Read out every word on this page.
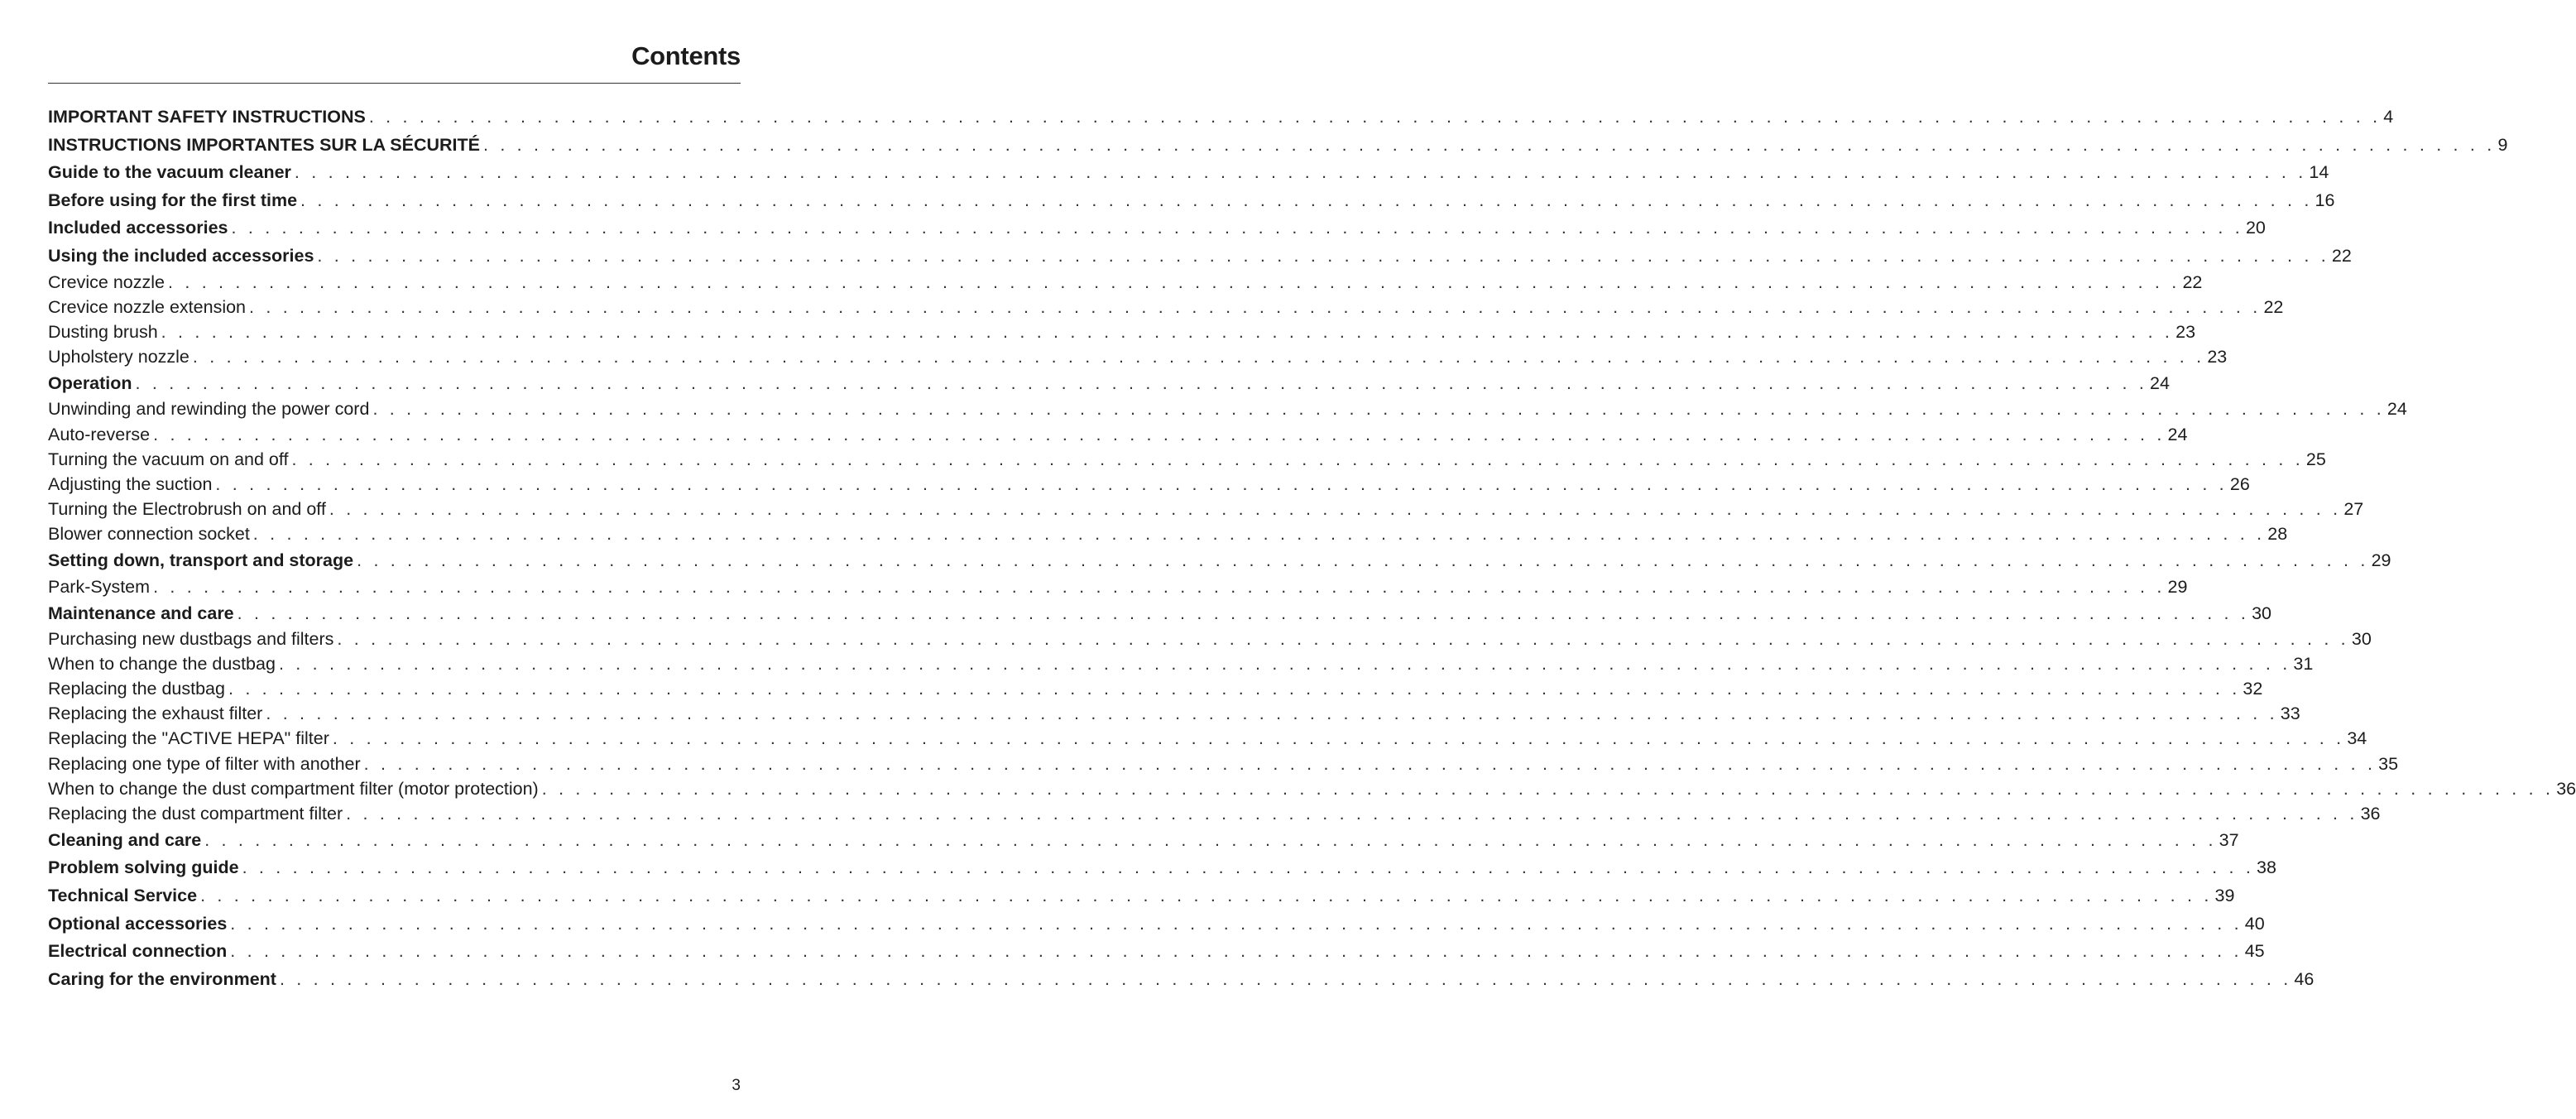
Contents
IMPORTANT SAFETY INSTRUCTIONS . . . . . . . . . . . . . . . . . . . . . . . . . . . . . . . . . . . . . . . . . . . . . . . . . . . . . . . . . . . . . . . . . . . . . . . . . . . . . . . . . . . . . . . . . . . . . . . . . . . . . . . . . . . . . . . . . . . . . . . . 4
INSTRUCTIONS IMPORTANTES SUR LA SÉCURITÉ . . . . . . . . . . . . . . . . . . . . . . . . . . . . . . . . . . . . . . . . . . . . . . . . . . . . . . . . . . . . . . . . . . . . . . . . . . . . . . . . . . . . . . . . . . . . . . . . . . . . . . . . . . . . . . . . . . . . . . . . 9
Guide to the vacuum cleaner . . . . . . . . . . . . . . . . . . . . . . . . . . . . . . . . . . . . . . . . . . . . . . . . . . . . . . . . . . . . . . . . . . . . . . . . . . . . . . . . . . . . . . . . . . . . . . . . . . . . . . . . . . . . . . . . . . . . . . . . 14
Before using for the first time . . . . . . . . . . . . . . . . . . . . . . . . . . . . . . . . . . . . . . . . . . . . . . . . . . . . . . . . . . . . . . . . . . . . . . . . . . . . . . . . . . . . . . . . . . . . . . . . . . . . . . . . . . . . . . . . . . . . . . . . 16
Included accessories . . . . . . . . . . . . . . . . . . . . . . . . . . . . . . . . . . . . . . . . . . . . . . . . . . . . . . . . . . . . . . . . . . . . . . . . . . . . . . . . . . . . . . . . . . . . . . . . . . . . . . . . . . . . . . . . . . . . . . . . 20
Using the included accessories . . . . . . . . . . . . . . . . . . . . . . . . . . . . . . . . . . . . . . . . . . . . . . . . . . . . . . . . . . . . . . . . . . . . . . . . . . . . . . . . . . . . . . . . . . . . . . . . . . . . . . . . . . . . . . . . . . . . . . . . 22
Crevice nozzle . . . . . . . . . . . . . . . . . . . . . . . . . . . . . . . . . . . . . . . . . . . . . . . . . . . . . . . . . . . . . . . . . . . . . . . . . . . . . . . . . . . . . . . . . . . . . . . . . . . . . . . . . . . . . . . . . . . . . . . . 22
Crevice nozzle extension . . . . . . . . . . . . . . . . . . . . . . . . . . . . . . . . . . . . . . . . . . . . . . . . . . . . . . . . . . . . . . . . . . . . . . . . . . . . . . . . . . . . . . . . . . . . . . . . . . . . . . . . . . . . . . . . . . . . . . . . 22
Dusting brush . . . . . . . . . . . . . . . . . . . . . . . . . . . . . . . . . . . . . . . . . . . . . . . . . . . . . . . . . . . . . . . . . . . . . . . . . . . . . . . . . . . . . . . . . . . . . . . . . . . . . . . . . . . . . . . . . . . . . . . . 23
Upholstery nozzle . . . . . . . . . . . . . . . . . . . . . . . . . . . . . . . . . . . . . . . . . . . . . . . . . . . . . . . . . . . . . . . . . . . . . . . . . . . . . . . . . . . . . . . . . . . . . . . . . . . . . . . . . . . . . . . . . . . . . . . . 23
Operation . . . . . . . . . . . . . . . . . . . . . . . . . . . . . . . . . . . . . . . . . . . . . . . . . . . . . . . . . . . . . . . . . . . . . . . . . . . . . . . . . . . . . . . . . . . . . . . . . . . . . . . . . . . . . . . . . . . . . . . . 24
Unwinding and rewinding the power cord . . . . . . . . . . . . . . . . . . . . . . . . . . . . . . . . . . . . . . . . . . . . . . . . . . . . . . . . . . . . . . . . . . . . . . . . . . . . . . . . . . . . . . . . . . . . . . . . . . . . . . . . . . . . . . . . . . . . . . . . 24
Auto-reverse . . . . . . . . . . . . . . . . . . . . . . . . . . . . . . . . . . . . . . . . . . . . . . . . . . . . . . . . . . . . . . . . . . . . . . . . . . . . . . . . . . . . . . . . . . . . . . . . . . . . . . . . . . . . . . . . . . . . . . . . 24
Turning the vacuum on and off . . . . . . . . . . . . . . . . . . . . . . . . . . . . . . . . . . . . . . . . . . . . . . . . . . . . . . . . . . . . . . . . . . . . . . . . . . . . . . . . . . . . . . . . . . . . . . . . . . . . . . . . . . . . . . . . . . . . . . . . 25
Adjusting the suction . . . . . . . . . . . . . . . . . . . . . . . . . . . . . . . . . . . . . . . . . . . . . . . . . . . . . . . . . . . . . . . . . . . . . . . . . . . . . . . . . . . . . . . . . . . . . . . . . . . . . . . . . . . . . . . . . . . . . . . . 26
Turning the Electrobrush on and off . . . . . . . . . . . . . . . . . . . . . . . . . . . . . . . . . . . . . . . . . . . . . . . . . . . . . . . . . . . . . . . . . . . . . . . . . . . . . . . . . . . . . . . . . . . . . . . . . . . . . . . . . . . . . . . . . . . . . . . . 27
Blower connection socket . . . . . . . . . . . . . . . . . . . . . . . . . . . . . . . . . . . . . . . . . . . . . . . . . . . . . . . . . . . . . . . . . . . . . . . . . . . . . . . . . . . . . . . . . . . . . . . . . . . . . . . . . . . . . . . . . . . . . . . . 28
Setting down, transport and storage . . . . . . . . . . . . . . . . . . . . . . . . . . . . . . . . . . . . . . . . . . . . . . . . . . . . . . . . . . . . . . . . . . . . . . . . . . . . . . . . . . . . . . . . . . . . . . . . . . . . . . . . . . . . . . . . . . . . . . . . 29
Park-System . . . . . . . . . . . . . . . . . . . . . . . . . . . . . . . . . . . . . . . . . . . . . . . . . . . . . . . . . . . . . . . . . . . . . . . . . . . . . . . . . . . . . . . . . . . . . . . . . . . . . . . . . . . . . . . . . . . . . . . . 29
Maintenance and care . . . . . . . . . . . . . . . . . . . . . . . . . . . . . . . . . . . . . . . . . . . . . . . . . . . . . . . . . . . . . . . . . . . . . . . . . . . . . . . . . . . . . . . . . . . . . . . . . . . . . . . . . . . . . . . . . . . . . . . . 30
Purchasing new dustbags and filters . . . . . . . . . . . . . . . . . . . . . . . . . . . . . . . . . . . . . . . . . . . . . . . . . . . . . . . . . . . . . . . . . . . . . . . . . . . . . . . . . . . . . . . . . . . . . . . . . . . . . . . . . . . . . . . . . . . . . . . . 30
When to change the dustbag . . . . . . . . . . . . . . . . . . . . . . . . . . . . . . . . . . . . . . . . . . . . . . . . . . . . . . . . . . . . . . . . . . . . . . . . . . . . . . . . . . . . . . . . . . . . . . . . . . . . . . . . . . . . . . . . . . . . . . . . 31
Replacing the dustbag . . . . . . . . . . . . . . . . . . . . . . . . . . . . . . . . . . . . . . . . . . . . . . . . . . . . . . . . . . . . . . . . . . . . . . . . . . . . . . . . . . . . . . . . . . . . . . . . . . . . . . . . . . . . . . . . . . . . . . . . 32
Replacing the exhaust filter . . . . . . . . . . . . . . . . . . . . . . . . . . . . . . . . . . . . . . . . . . . . . . . . . . . . . . . . . . . . . . . . . . . . . . . . . . . . . . . . . . . . . . . . . . . . . . . . . . . . . . . . . . . . . . . . . . . . . . . . 33
Replacing the "ACTIVE HEPA" filter . . . . . . . . . . . . . . . . . . . . . . . . . . . . . . . . . . . . . . . . . . . . . . . . . . . . . . . . . . . . . . . . . . . . . . . . . . . . . . . . . . . . . . . . . . . . . . . . . . . . . . . . . . . . . . . . . . . . . . . . 34
Replacing one type of filter with another . . . . . . . . . . . . . . . . . . . . . . . . . . . . . . . . . . . . . . . . . . . . . . . . . . . . . . . . . . . . . . . . . . . . . . . . . . . . . . . . . . . . . . . . . . . . . . . . . . . . . . . . . . . . . . . . . . . . . . . . 35
When to change the dust compartment filter (motor protection) . . . . . . . . . . . . . . . . . . . . . . . . . . . . . . . . . . . . . . . . . . . . . . . . . . . . . . . . . . . . . . . . . . . . . . . . . . . . . . . . . . . . . . . . . . . . . . . . . . . . . . . . . . . . . . . . . . . . . . . . 36
Replacing the dust compartment filter . . . . . . . . . . . . . . . . . . . . . . . . . . . . . . . . . . . . . . . . . . . . . . . . . . . . . . . . . . . . . . . . . . . . . . . . . . . . . . . . . . . . . . . . . . . . . . . . . . . . . . . . . . . . . . . . . . . . . . . . 36
Cleaning and care . . . . . . . . . . . . . . . . . . . . . . . . . . . . . . . . . . . . . . . . . . . . . . . . . . . . . . . . . . . . . . . . . . . . . . . . . . . . . . . . . . . . . . . . . . . . . . . . . . . . . . . . . . . . . . . . . . . . . . . . 37
Problem solving guide . . . . . . . . . . . . . . . . . . . . . . . . . . . . . . . . . . . . . . . . . . . . . . . . . . . . . . . . . . . . . . . . . . . . . . . . . . . . . . . . . . . . . . . . . . . . . . . . . . . . . . . . . . . . . . . . . . . . . . . . 38
Technical Service . . . . . . . . . . . . . . . . . . . . . . . . . . . . . . . . . . . . . . . . . . . . . . . . . . . . . . . . . . . . . . . . . . . . . . . . . . . . . . . . . . . . . . . . . . . . . . . . . . . . . . . . . . . . . . . . . . . . . . . . 39
Optional accessories . . . . . . . . . . . . . . . . . . . . . . . . . . . . . . . . . . . . . . . . . . . . . . . . . . . . . . . . . . . . . . . . . . . . . . . . . . . . . . . . . . . . . . . . . . . . . . . . . . . . . . . . . . . . . . . . . . . . . . . . 40
Electrical connection . . . . . . . . . . . . . . . . . . . . . . . . . . . . . . . . . . . . . . . . . . . . . . . . . . . . . . . . . . . . . . . . . . . . . . . . . . . . . . . . . . . . . . . . . . . . . . . . . . . . . . . . . . . . . . . . . . . . . . . . 45
Caring for the environment . . . . . . . . . . . . . . . . . . . . . . . . . . . . . . . . . . . . . . . . . . . . . . . . . . . . . . . . . . . . . . . . . . . . . . . . . . . . . . . . . . . . . . . . . . . . . . . . . . . . . . . . . . . . . . . . . . . . . . . . 46

3
